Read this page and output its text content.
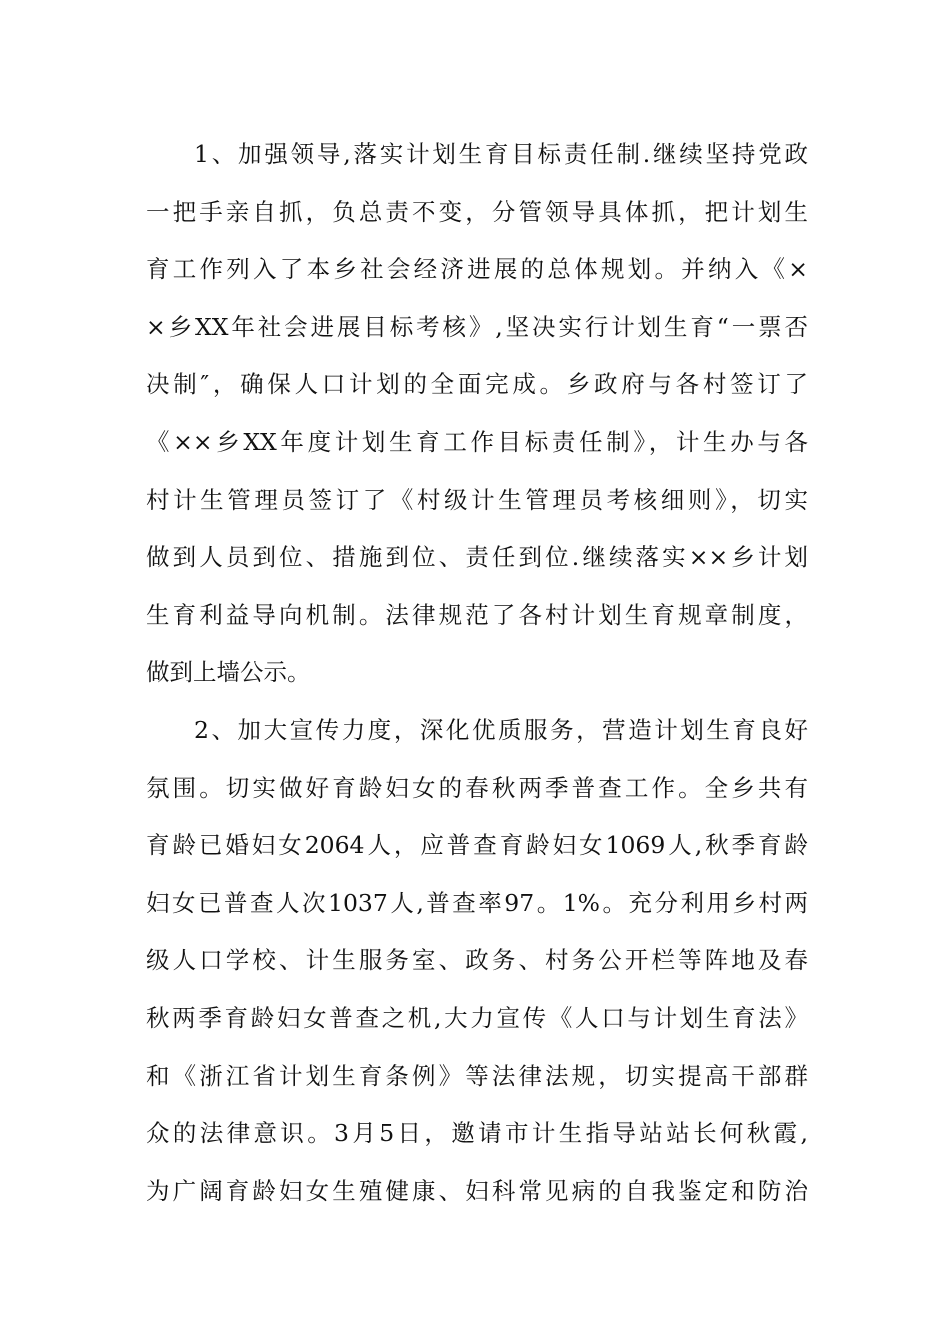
1、加强领导,落实计划生育目标责任制.继续坚持党政
一把手亲自抓，负总责不变，分管领导具体抓，把计划生
育工作列入了本乡社会经济进展的总体规划。并纳入《×
×乡XX年社会进展目标考核》,坚决实行计划生育“一票否
决制″，确保人口计划的全面完成。乡政府与各村签订了
《××乡XX年度计划生育工作目标责任制》，计生办与各
村计生管理员签订了《村级计生管理员考核细则》，切实
做到人员到位、措施到位、责任到位.继续落实××乡计划
生育利益导向机制。法律规范了各村计划生育规章制度，
做到上墙公示。
2、加大宣传力度，深化优质服务，营造计划生育良好
氛围。切实做好育龄妇女的春秋两季普查工作。全乡共有
育龄已婚妇女2064人，应普查育龄妇女1069人,秋季育龄
妇女已普查人次1037人,普查率97。1%。充分利用乡村两
级人口学校、计生服务室、政务、村务公开栏等阵地及春
秋两季育龄妇女普查之机,大力宣传《人口与计划生育法》
和《浙江省计划生育条例》等法律法规，切实提高干部群
众的法律意识。3月5日，邀请市计生指导站站长何秋霞,
为广阔育龄妇女生殖健康、妇科常见病的自我鉴定和防治
